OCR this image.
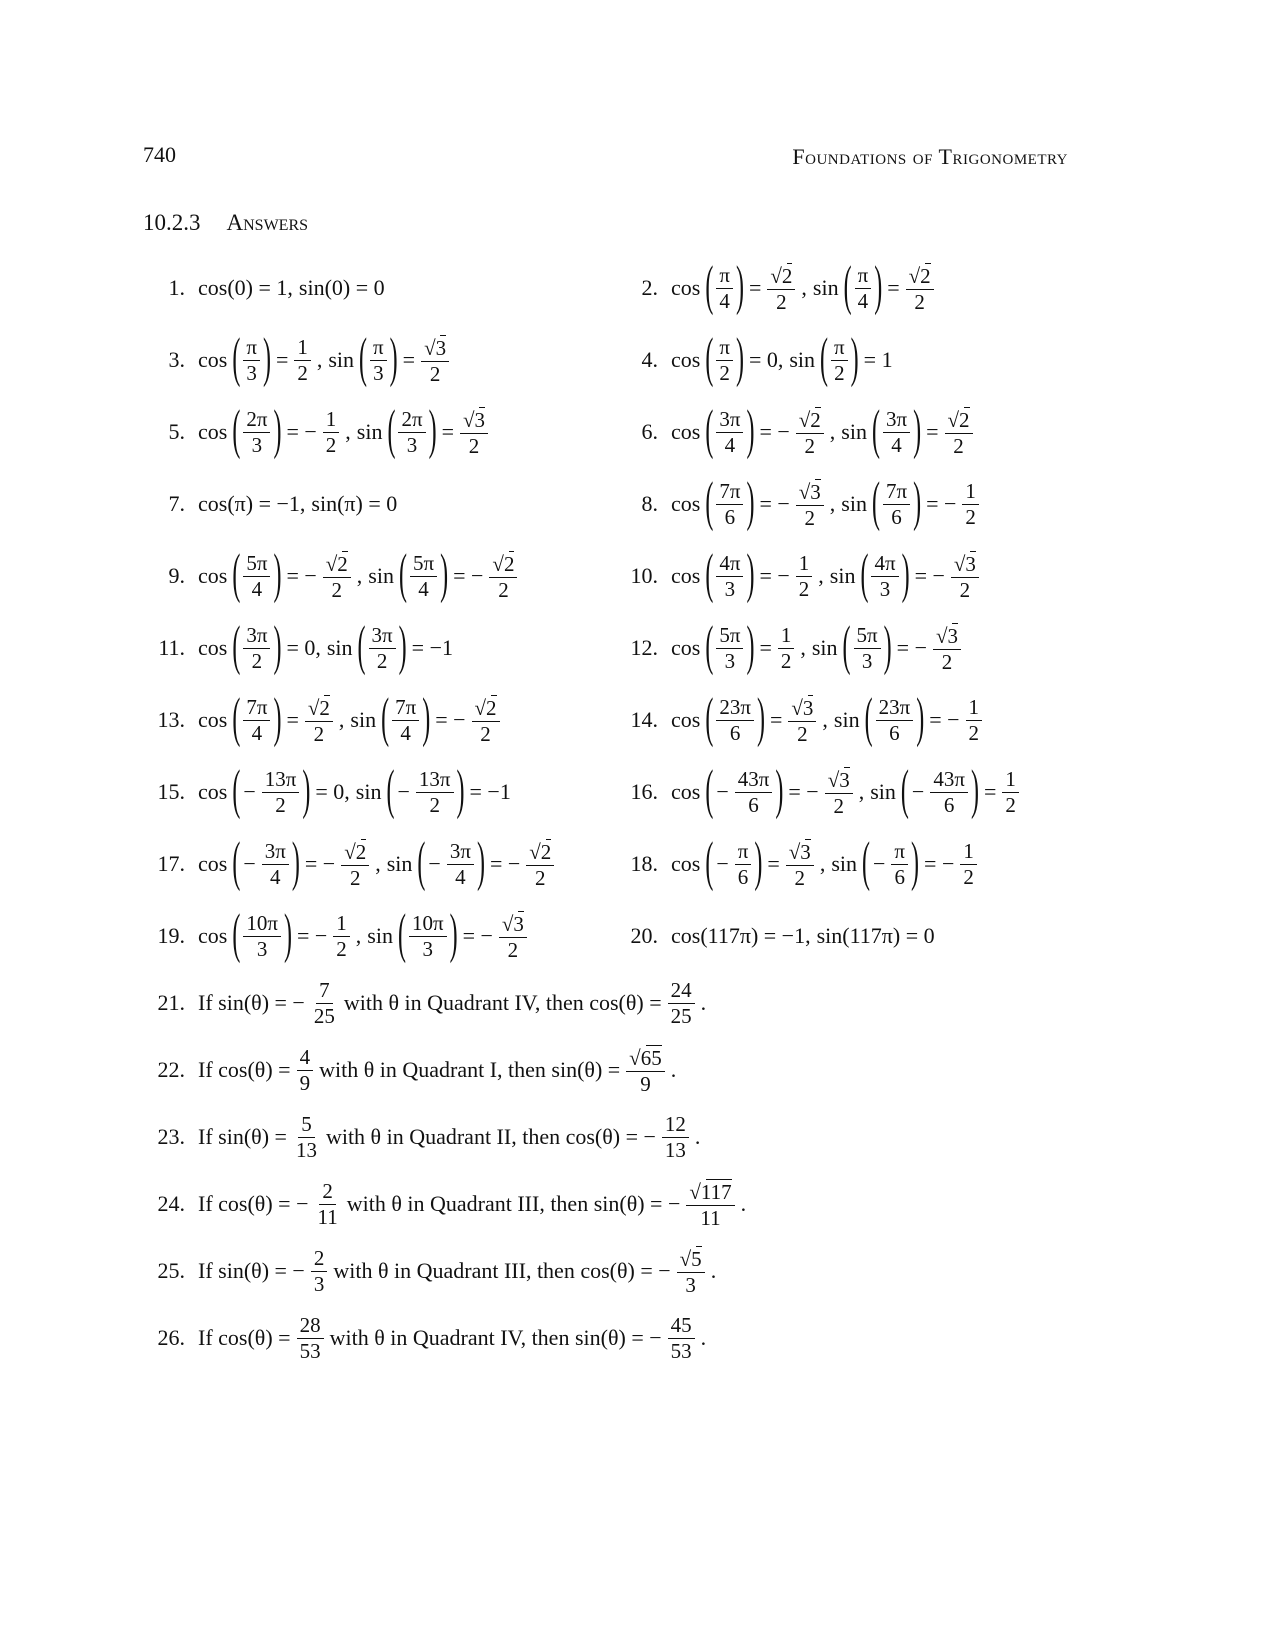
740	Foundations of Trigonometry
10.2.3 Answers
1. cos(0) = 1, sin(0) = 0	2. cos ( $\frac{\pi}{4}$ ) = $\frac{√2}{2}$ , sin ( $\frac{\pi}{4}$ ) = $\frac{√2}{2}$
3. cos ( $\frac{\pi}{3}$ ) = $\frac{1}{2}$ , sin ( $\frac{\pi}{3}$ ) = $\frac{√3}{2}$	4. cos ( $\frac{\pi}{2}$ ) = 0, sin ( $\frac{\pi}{2}$ ) = 1
5. cos ( $\frac{2\pi}{3}$ ) = − $\frac{1}{2}$ , sin ( $\frac{2\pi}{3}$ ) = $\frac{√3}{2}$	6. cos ( $\frac{3\pi}{4}$ ) = − $\frac{√2}{2}$ , sin ( $\frac{3\pi}{4}$ ) = $\frac{√2}{2}$
7. cos(π) = −1, sin(π) = 0	8. cos ( $\frac{7\pi}{6}$ ) = − $\frac{√3}{2}$ , sin ( $\frac{7\pi}{6}$ ) = − $\frac{1}{2}$
9. cos ( $\frac{5\pi}{4}$ ) = − $\frac{√2}{2}$ , sin ( $\frac{5\pi}{4}$ ) = − $\frac{√2}{2}$	10. cos ( $\frac{4\pi}{3}$ ) = − $\frac{1}{2}$ , sin ( $\frac{4\pi}{3}$ ) = − $\frac{√3}{2}$
11. cos ( $\frac{3\pi}{2}$ ) = 0, sin ( $\frac{3\pi}{2}$ ) = −1	12. cos ( $\frac{5\pi}{3}$ ) = $\frac{1}{2}$ , sin ( $\frac{5\pi}{3}$ ) = − $\frac{√3}{2}$
13. cos ( $\frac{7\pi}{4}$ ) = $\frac{√2}{2}$ , sin ( $\frac{7\pi}{4}$ ) = − $\frac{√2}{2}$	14. cos ( $\frac{23\pi}{6}$ ) = $\frac{√3}{2}$ , sin ( $\frac{23\pi}{6}$ ) = − $\frac{1}{2}$
15. cos ( − $\frac{13\pi}{2}$ ) = 0, sin ( − $\frac{13\pi}{2}$ ) = −1	16. cos ( − $\frac{43\pi}{6}$ ) = − $\frac{√3}{2}$ , sin ( − $\frac{43\pi}{6}$ ) = $\frac{1}{2}$
17. cos ( − $\frac{3\pi}{4}$ ) = − $\frac{√2}{2}$ , sin ( − $\frac{3\pi}{4}$ ) = − $\frac{√2}{2}$	18. cos ( − $\frac{\pi}{6}$ ) = $\frac{√3}{2}$ , sin ( − $\frac{\pi}{6}$ ) = − $\frac{1}{2}$
19. cos ( $\frac{10\pi}{3}$ ) = − $\frac{1}{2}$ , sin ( $\frac{10\pi}{3}$ ) = − $\frac{√3}{2}$	20. cos(117π) = −1, sin(117π) = 0
21. If sin(θ) = − $\frac{7}{25}$ with θ in Quadrant IV, then $\cos(\theta) = \frac{24}{25}$ .
22. If $\cos(\theta) = \frac{4}{9}$ with θ in Quadrant I, then $\sin(\theta) = \frac{√65}{9}$ .
23. If $\sin(\theta) = \frac{5}{13}$ with θ in Quadrant II, then cos(θ) = − $\frac{12}{13}$ .
24. If cos(θ) = − $\frac{2}{11}$ with θ in Quadrant III, then sin(θ) = − $\frac{√117}{11}$ .
25. If sin(θ) = − $\frac{2}{3}$ with θ in Quadrant III, then cos(θ) = − $\frac{√5}{3}$ .
26. If $\cos(\theta) = \frac{28}{53}$ with θ in Quadrant IV, then sin(θ) = − $\frac{45}{53}$ .
